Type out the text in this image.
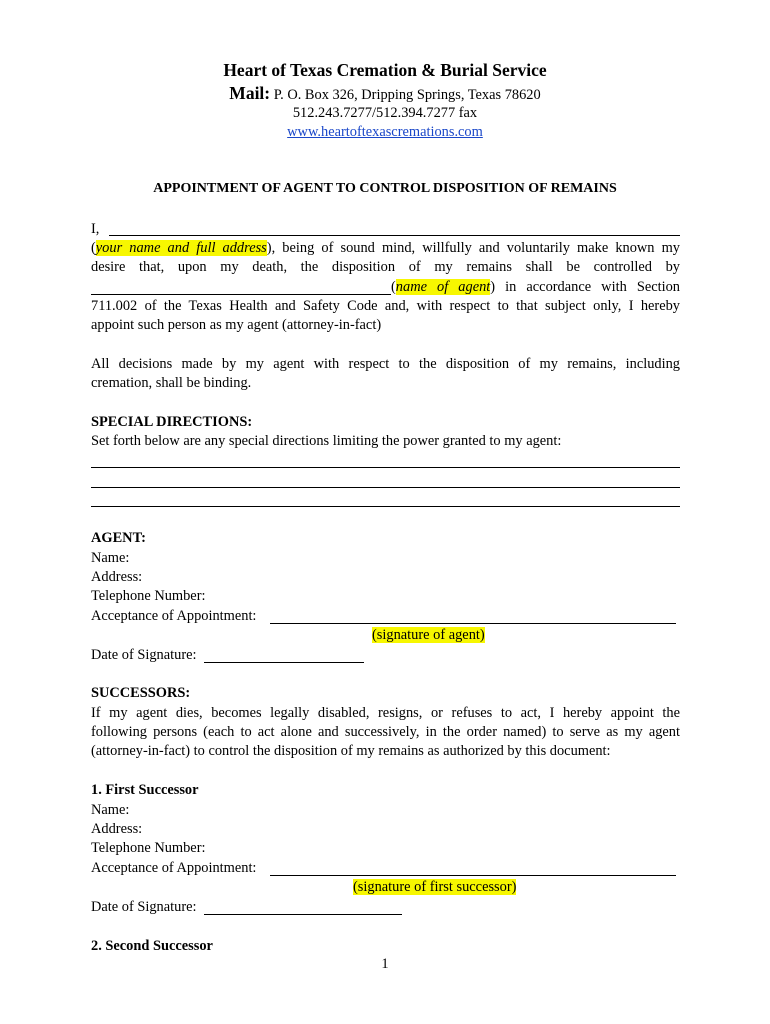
Heart of Texas Cremation & Burial Service
Mail: P. O. Box 326, Dripping Springs, Texas 78620
512.243.7277/512.394.7277 fax
www.heartoftexascremations.com
APPOINTMENT OF AGENT TO CONTROL DISPOSITION OF REMAINS
I,
(your name and full address), being of sound mind, willfully and voluntarily make known my
desire that, upon my death, the disposition of my remains shall be controlled by
(name of agent) in accordance with Section
711.002 of the Texas Health and Safety Code and, with respect to that subject only, I hereby
appoint such person as my agent (attorney-in-fact)
All decisions made by my agent with respect to the disposition of my remains, including
cremation, shall be binding.
SPECIAL DIRECTIONS:
Set forth below are any special directions limiting the power granted to my agent:
AGENT:
Name:
Address:
Telephone Number:
Acceptance of Appointment:
(signature of agent)
Date of Signature:
SUCCESSORS:
If my agent dies, becomes legally disabled, resigns, or refuses to act, I hereby appoint the
following persons (each to act alone and successively, in the order named) to serve as my agent
(attorney-in-fact) to control the disposition of my remains as authorized by this document:
1. First Successor
Name:
Address:
Telephone Number:
Acceptance of Appointment:
(signature of first successor)
Date of Signature:
2. Second Successor
1
